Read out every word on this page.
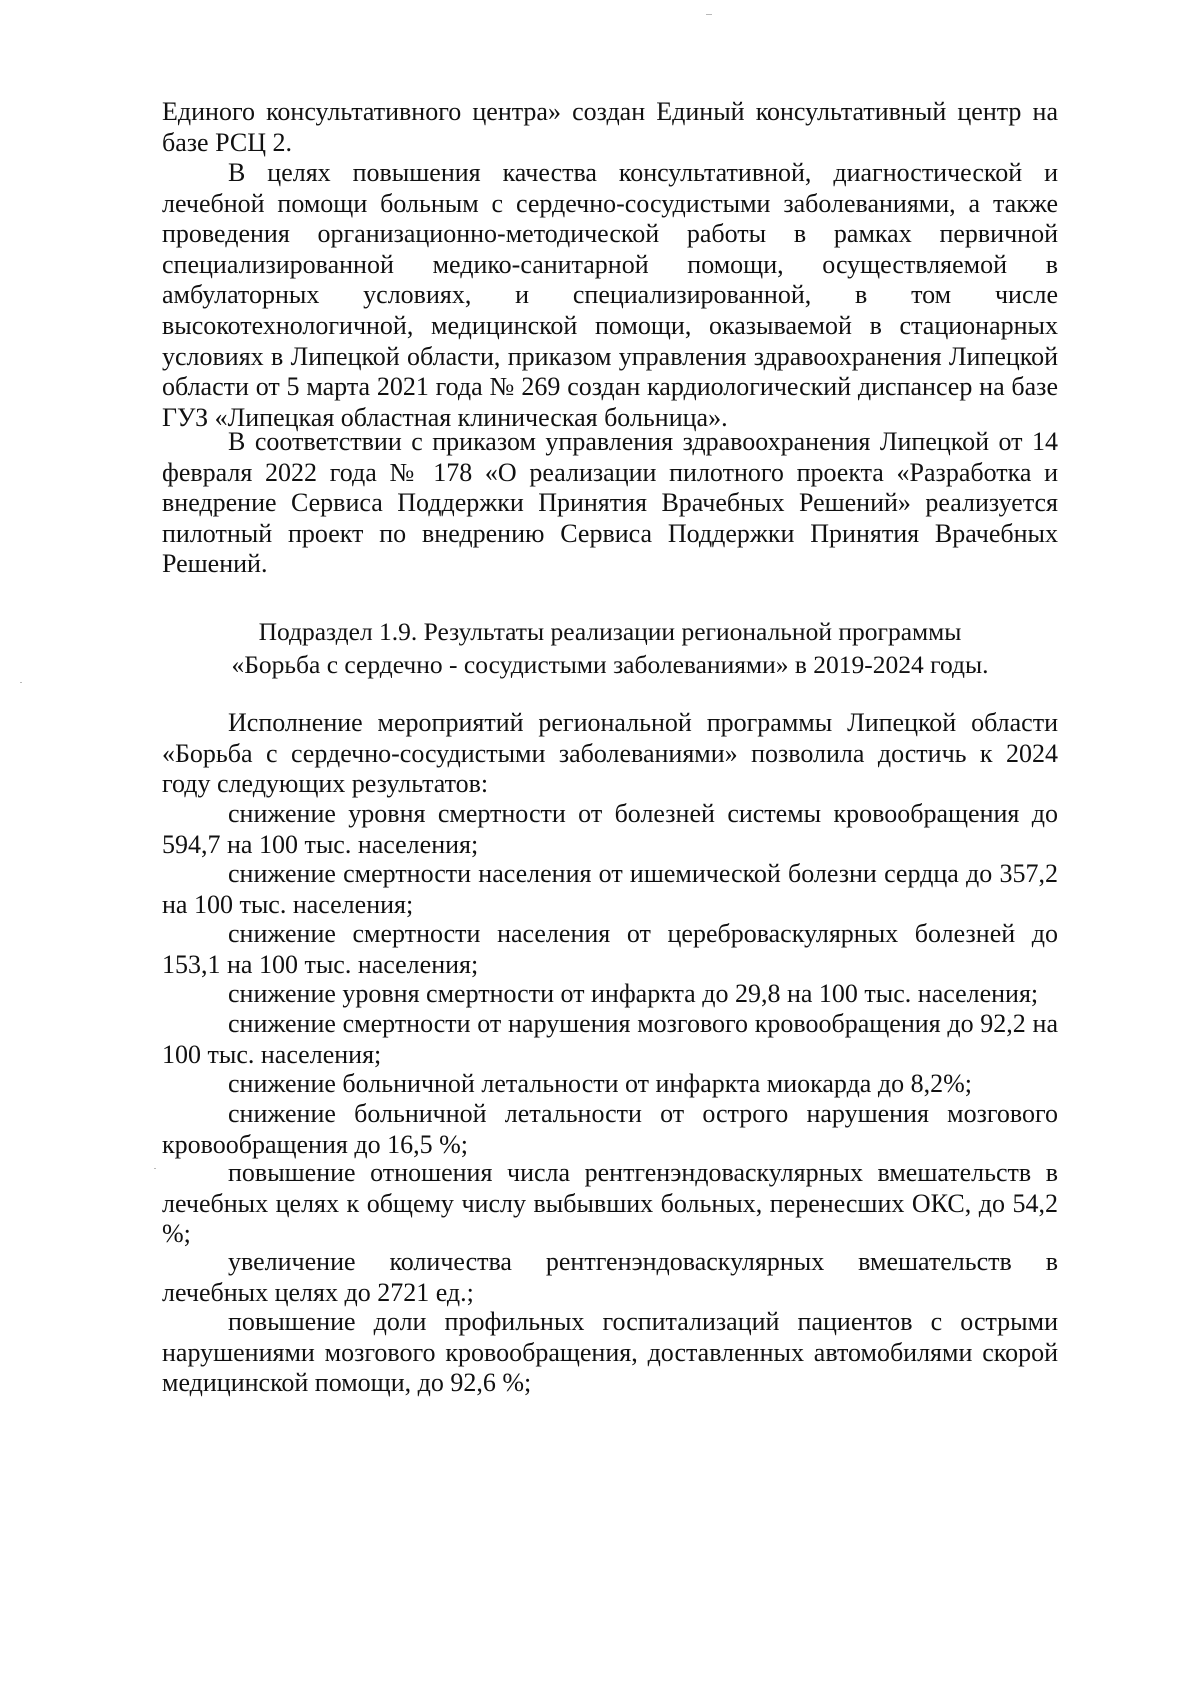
Единого консультативного центра» создан Единый консультативный центр на базе РСЦ 2.

В целях повышения качества консультативной, диагностической и лечебной помощи больным с сердечно-сосудистыми заболеваниями, а также проведения организационно-методической работы в рамках первичной специализированной медико-санитарной помощи, осуществляемой в амбулаторных условиях, и специализированной, в том числе высокотехнологичной, медицинской помощи, оказываемой в стационарных условиях в Липецкой области, приказом управления здравоохранения Липецкой области от 5 марта 2021 года № 269 создан кардиологический диспансер на базе ГУЗ «Липецкая областная клиническая больница».

В соответствии с приказом управления здравоохранения Липецкой от 14 февраля 2022 года № 178 «О реализации пилотного проекта «Разработка и внедрение Сервиса Поддержки Принятия Врачебных Решений» реализуется пилотный проект по внедрению Сервиса Поддержки Принятия Врачебных Решений.

Подраздел 1.9. Результаты реализации региональной программы

«Борьба с сердечно - сосудистыми заболеваниями» в 2019-2024 годы.

Исполнение мероприятий региональной программы Липецкой области «Борьба с сердечно-сосудистыми заболеваниями» позволила достичь к 2024 году следующих результатов:

снижение уровня смертности от болезней системы кровообращения до 594,7 на 100 тыс. населения;

снижение смертности населения от ишемической болезни сердца до 357,2 на 100 тыс. населения;

снижение смертности населения от цереброваскулярных болезней до 153,1 на 100 тыс. населения;

снижение уровня смертности от инфаркта до 29,8 на 100 тыс. населения;

снижение смертности от нарушения мозгового кровообращения до 92,2 на 100 тыс. населения;

снижение больничной летальности от инфаркта миокарда до 8,2%;

снижение больничной летальности от острого нарушения мозгового кровообращения до 16,5 %;

повышение отношения числа рентгенэндоваскулярных вмешательств в лечебных целях к общему числу выбывших больных, перенесших ОКС, до 54,2 %;

увеличение количества рентгенэндоваскулярных вмешательств в лечебных целях до 2721 ед.;

повышение доли профильных госпитализаций пациентов с острыми нарушениями мозгового кровообращения, доставленных автомобилями скорой медицинской помощи, до 92,6 %;
